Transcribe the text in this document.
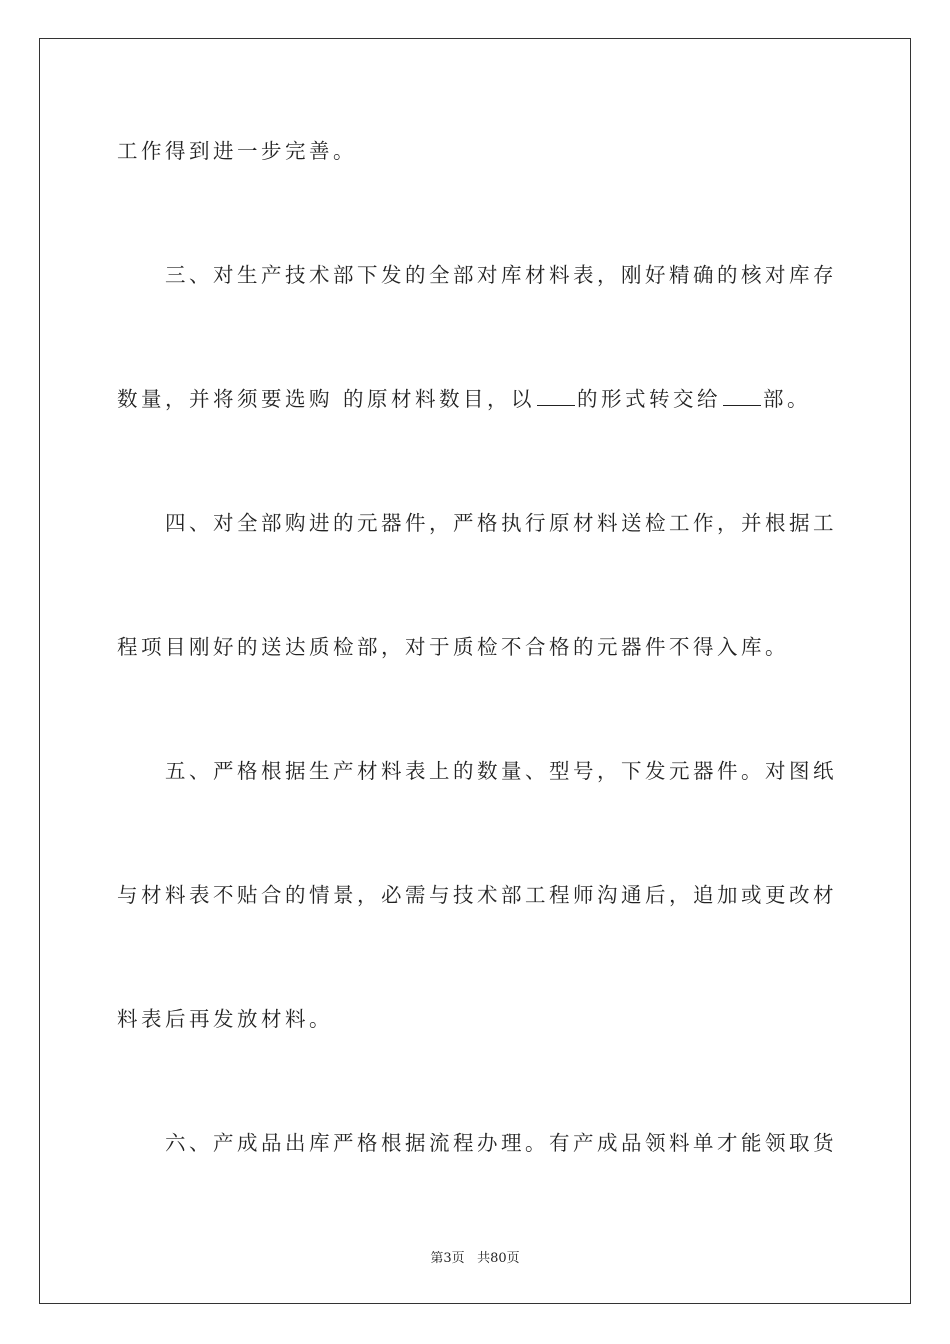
工作得到进一步完善。

三、对生产技术部下发的全部对库材料表，刚好精确的核对库存

数量，并将须要选购 的原材料数目，以 的形式转交给 部。

四、对全部购进的元器件，严格执行原材料送检工作，并根据工

程项目刚好的送达质检部，对于质检不合格的元器件不得入库。

五、严格根据生产材料表上的数量、型号，下发元器件。对图纸

与材料表不贴合的情景，必需与技术部工程师沟通后，追加或更改材

料表后再发放材料。

六、产成品出库严格根据流程办理。有产成品领料单才能领取货

第3页 共80页
